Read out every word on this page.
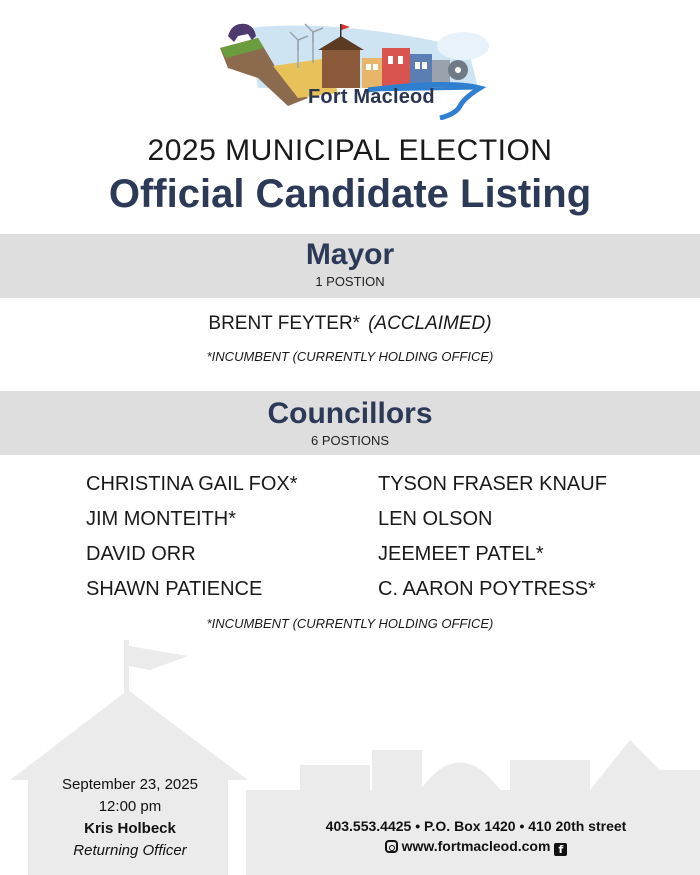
Fort Macleod
2025 MUNICIPAL ELECTION
Official Candidate Listing
Mayor
1 POSTION
BRENT FEYTER* (ACCLAIMED)
*INCUMBENT (CURRENTLY HOLDING OFFICE)
Councillors
6 POSTIONS
CHRISTINA GAIL FOX*
JIM MONTEITH*
DAVID ORR
SHAWN PATIENCE
TYSON FRASER KNAUF
LEN OLSON
JEEMEET PATEL*
C. AARON POYTRESS*
*INCUMBENT (CURRENTLY HOLDING OFFICE)
September 23, 2025
12:00 pm
Kris Holbeck
Returning Officer
403.553.4425 • P.O. Box 1420 • 410 20th street
www.fortmacleod.com f
